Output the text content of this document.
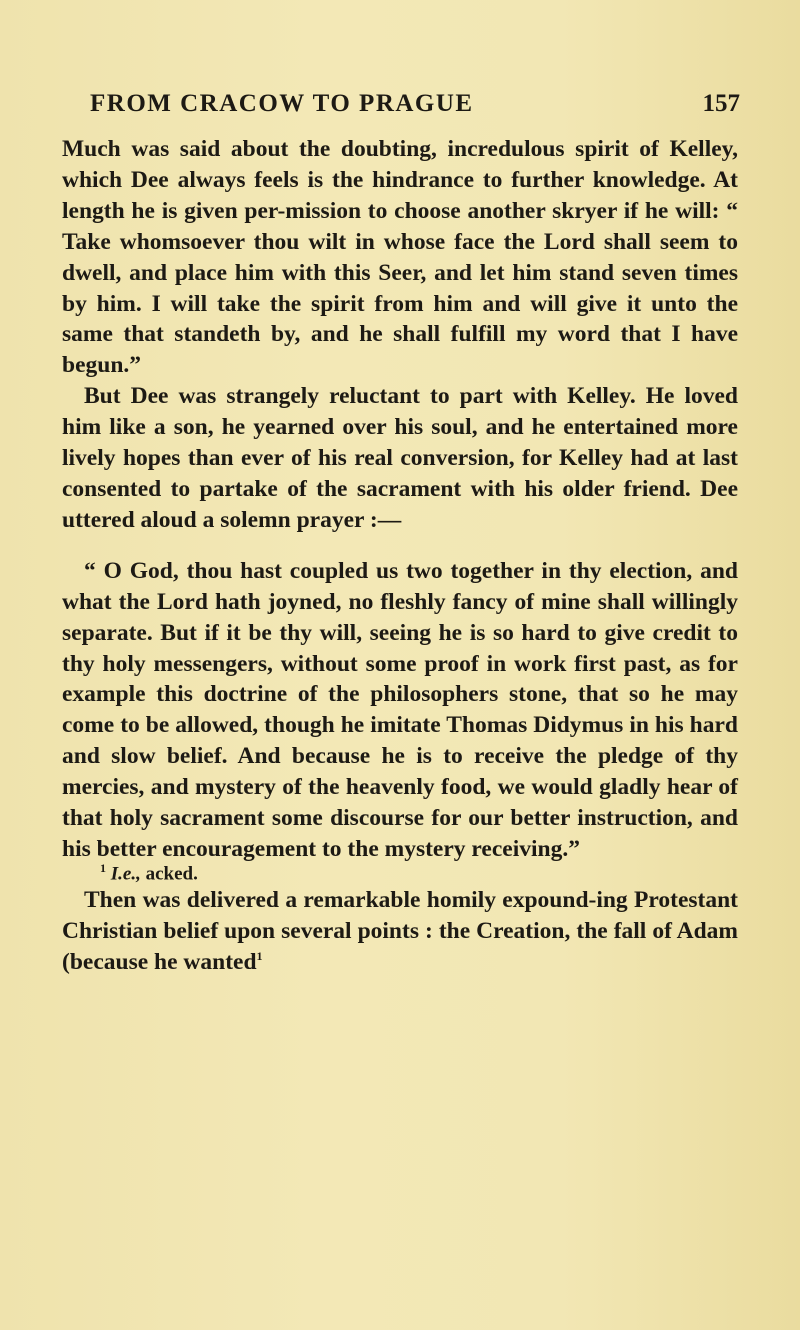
FROM CRACOW TO PRAGUE	157

Much was said about the doubting, incredulous spirit of Kelley, which Dee always feels is the hindrance to further knowledge. At length he is given per-mission to choose another skryer if he will: “ Take whomsoever thou wilt in whose face the Lord shall seem to dwell, and place him with this Seer, and let him stand seven times by him. I will take the spirit from him and will give it unto the same that standeth by, and he shall fulfill my word that I have begun.”

But Dee was strangely reluctant to part with Kelley. He loved him like a son, he yearned over his soul, and he entertained more lively hopes than ever of his real conversion, for Kelley had at last consented to partake of the sacrament with his older friend. Dee uttered aloud a solemn prayer :—

“ O God, thou hast coupled us two together in thy election, and what the Lord hath joyned, no fleshly fancy of mine shall willingly separate. But if it be thy will, seeing he is so hard to give credit to thy holy messengers, without some proof in work first past, as for example this doctrine of the philosophers stone, that so he may come to be allowed, though he imitate Thomas Didymus in his hard and slow belief. And because he is to receive the pledge of thy mercies, and mystery of the heavenly food, we would gladly hear of that holy sacrament some discourse for our better instruction, and his better encouragement to the mystery receiving.”

Then was delivered a remarkable homily expound-ing Protestant Christian belief upon several points : the Creation, the fall of Adam (because he wanted$^1$

$^1$ I.e., acked.
